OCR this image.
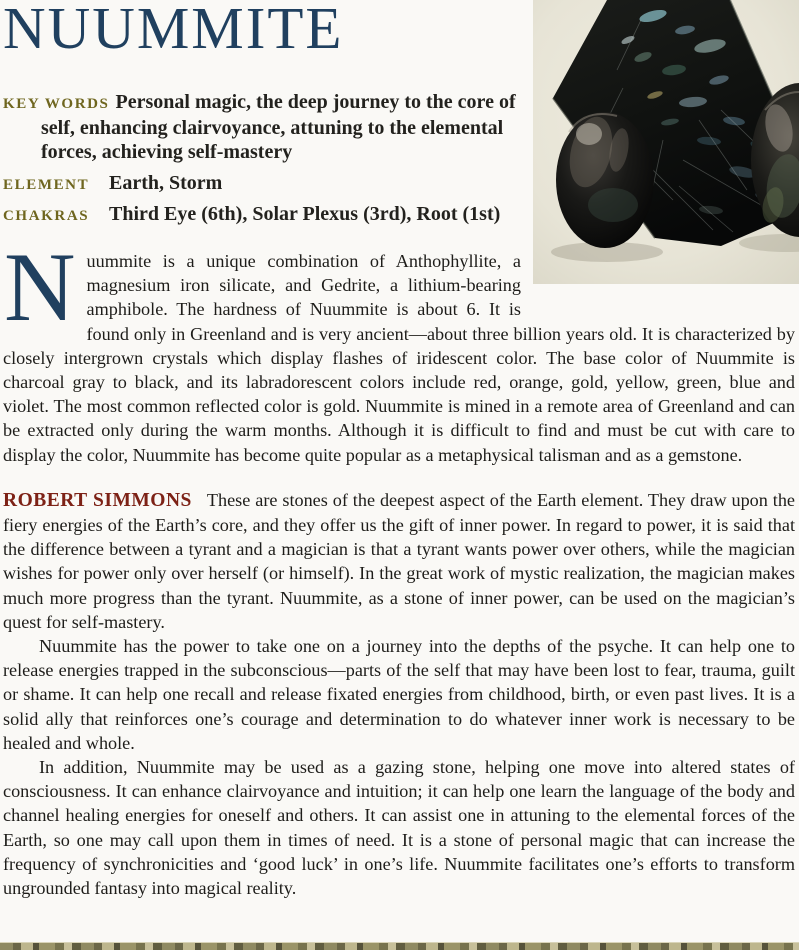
NUUMMITE

KEY WORDS Personal magic, the deep journey to the core of self, enhancing clairvoyance, attuning to the elemental forces, achieving self-mastery

ELEMENT Earth, Storm

CHAKRAS Third Eye (6th), Solar Plexus (3rd), Root (1st)

Nuummite is a unique combination of Anthophyllite, a magnesium iron silicate, and Gedrite, a lithium-bearing amphibole. The hardness of Nuummite is about 6. It is found only in Greenland and is very ancient—about three billion years old. It is characterized by closely intergrown crystals which display flashes of iridescent color. The base color of Nuummite is charcoal gray to black, and its labradorescent colors include red, orange, gold, yellow, green, blue and violet. The most common reflected color is gold. Nuummite is mined in a remote area of Greenland and can be extracted only during the warm months. Although it is difficult to find and must be cut with care to display the color, Nuummite has become quite popular as a metaphysical talisman and as a gemstone.

ROBERT SIMMONS These are stones of the deepest aspect of the Earth element. They draw upon the fiery energies of the Earth’s core, and they offer us the gift of inner power. In regard to power, it is said that the difference between a tyrant and a magician is that a tyrant wants power over others, while the magician wishes for power only over herself (or himself). In the great work of mystic realization, the magician makes much more progress than the tyrant. Nuummite, as a stone of inner power, can be used on the magician’s quest for self-mastery.

Nuummite has the power to take one on a journey into the depths of the psyche. It can help one to release energies trapped in the subconscious—parts of the self that may have been lost to fear, trauma, guilt or shame. It can help one recall and release fixated energies from childhood, birth, or even past lives. It is a solid ally that reinforces one’s courage and determination to do whatever inner work is necessary to be healed and whole.

In addition, Nuummite may be used as a gazing stone, helping one move into altered states of consciousness. It can enhance clairvoyance and intuition; it can help one learn the language of the body and channel healing energies for oneself and others. It can assist one in attuning to the elemental forces of the Earth, so one may call upon them in times of need. It is a stone of personal magic that can increase the frequency of synchronicities and ‘good luck’ in one’s life. Nuummite facilitates one’s efforts to transform ungrounded fantasy into magical reality.
